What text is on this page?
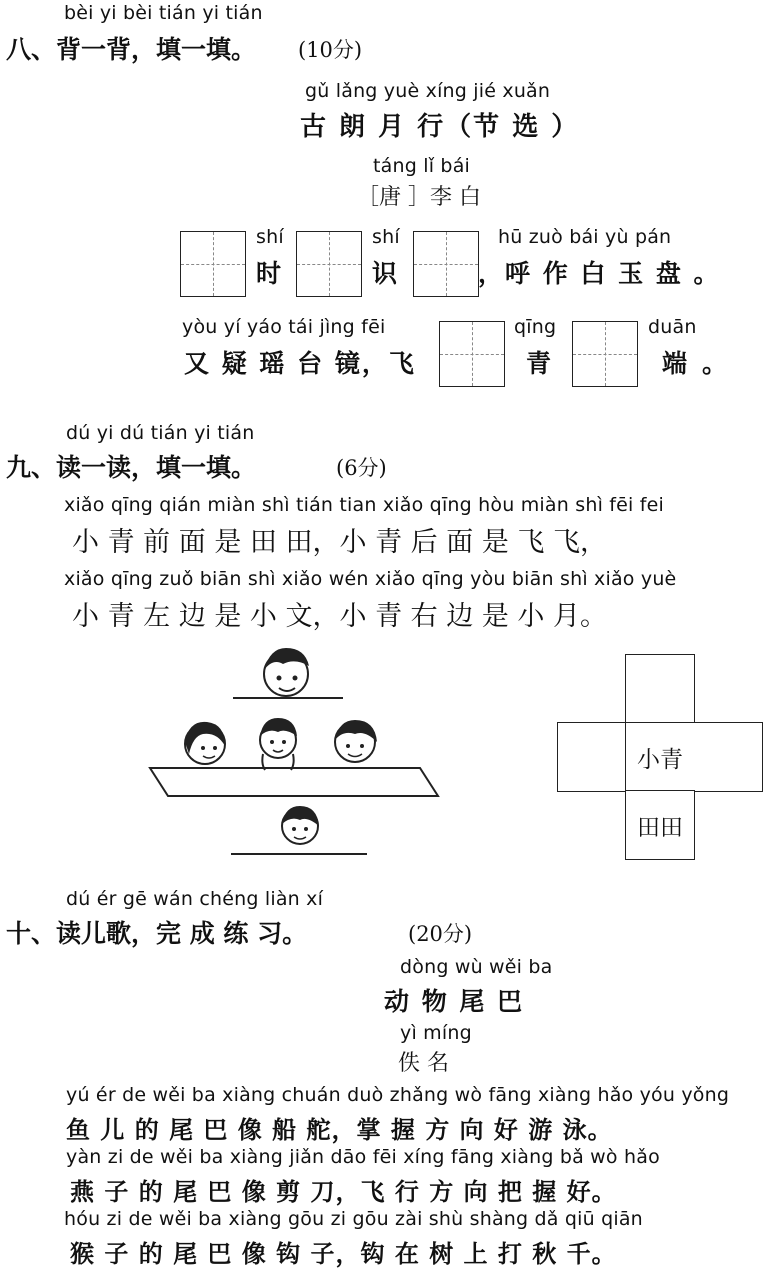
bèi yi bèi tián yi tián
八、背一背，填一填。 (10分)
gǔ lǎng yuè xíng jié xuǎn
古 朗 月 行（节 选 ）
táng lǐ bái
［唐 ］李 白
shí
时
shí
识
hū zuò bái yù pán
，呼 作 白 玉 盘 。
yòu yí yáo tái jìng fēi
又 疑 瑶 台 镜，飞
qīng
青
duān
端 。
dú yi dú tián yi tián
九、读一读，填一填。	(6分)
xiǎo qīng qián miàn shì tián tian xiǎo qīng hòu miàn shì fēi fei
小 青 前 面 是 田 田，小 青 后 面 是 飞 飞，
xiǎo qīng zuǒ biān shì xiǎo wén xiǎo qīng yòu biān shì xiǎo yuè
小 青 左 边 是 小 文，小 青 右 边 是 小 月。
小青
田田
dú ér gē wán chéng liàn xí
十、读儿歌，完 成 练 习。	(20分)
dòng wù wěi ba
动 物 尾 巴
yì míng
佚 名
yú ér de wěi ba xiàng chuán duò zhǎng wò fāng xiàng hǎo yóu yǒng
鱼 儿 的 尾 巴 像 船 舵，掌 握 方 向 好 游 泳。
yàn zi de wěi ba xiàng jiǎn dāo fēi xíng fāng xiàng bǎ wò hǎo
燕 子 的 尾 巴 像 剪 刀，飞 行 方 向 把 握 好。
hóu zi de wěi ba xiàng gōu zi gōu zài shù shàng dǎ qiū qiān
猴 子 的 尾 巴 像 钩 子，钩 在 树 上 打 秋 千。
